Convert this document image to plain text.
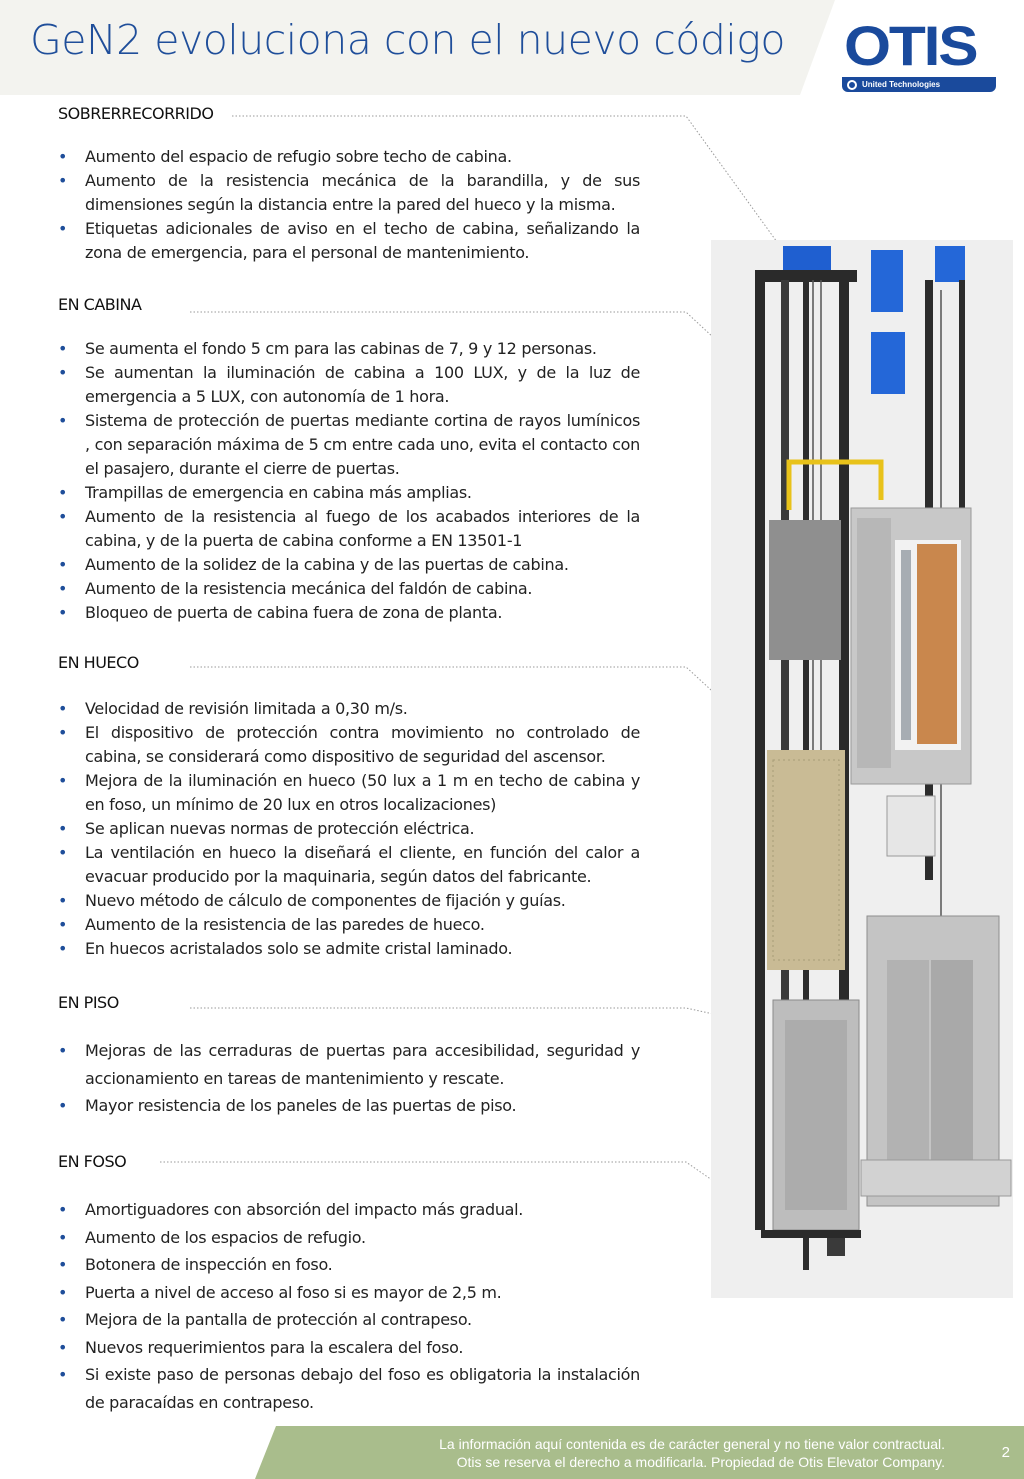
GeN2 evoluciona con el nuevo código OTIS
United Technologies
SOBRERRECORRIDO
• Aumento del espacio de refugio sobre techo de cabina.
• Aumento de la resistencia mecánica de la barandilla, y de sus dimensiones según la distancia entre la pared del hueco y la misma.
• Etiquetas adicionales de aviso en el techo de cabina, señalizando la zona de emergencia, para el personal de mantenimiento.
EN CABINA
• Se aumenta el fondo 5 cm para las cabinas de 7, 9 y 12 personas.
• Se aumentan la iluminación de cabina a 100 LUX, y de la luz de emergencia a 5 LUX, con autonomía de 1 hora.
• Sistema de protección de puertas mediante cortina de rayos lumínicos , con separación máxima de 5 cm entre cada uno, evita el contacto con el pasajero, durante el cierre de puertas.
• Trampillas de emergencia en cabina más amplias.
• Aumento de la resistencia al fuego de los acabados interiores de la cabina, y de la puerta de cabina conforme a EN 13501-1
• Aumento de la solidez de la cabina y de las puertas de cabina.
• Aumento de la resistencia mecánica del faldón de cabina.
• Bloqueo de puerta de cabina fuera de zona de planta.
EN HUECO
• Velocidad de revisión limitada a 0,30 m/s.
• El dispositivo de protección contra movimiento no controlado de cabina, se considerará como dispositivo de seguridad del ascensor.
• Mejora de la iluminación en hueco (50 lux a 1 m en techo de cabina y en foso, un mínimo de 20 lux en otros localizaciones)
• Se aplican nuevas normas de protección eléctrica.
• La ventilación en hueco la diseñará el cliente, en función del calor a evacuar producido por la maquinaria, según datos del fabricante.
• Nuevo método de cálculo de componentes de fijación y guías.
• Aumento de la resistencia de las paredes de hueco.
• En huecos acristalados solo se admite cristal laminado.
EN PISO
• Mejoras de las cerraduras de puertas para accesibilidad, seguridad y accionamiento en tareas de mantenimiento y rescate.
• Mayor resistencia de los paneles de las puertas de piso.
EN FOSO
• Amortiguadores con absorción del impacto más gradual.
• Aumento de los espacios de refugio.
• Botonera de inspección en foso.
• Puerta a nivel de acceso al foso si es mayor de 2,5 m.
• Mejora de la pantalla de protección al contrapeso.
• Nuevos requerimientos para la escalera del foso.
• Si existe paso de personas debajo del foso es obligatoria la instalación de paracaídas en contrapeso.
La información aquí contenida es de carácter general y no tiene valor contractual.
Otis se reserva el derecho a modificarla. Propiedad de Otis Elevator Company.
2
